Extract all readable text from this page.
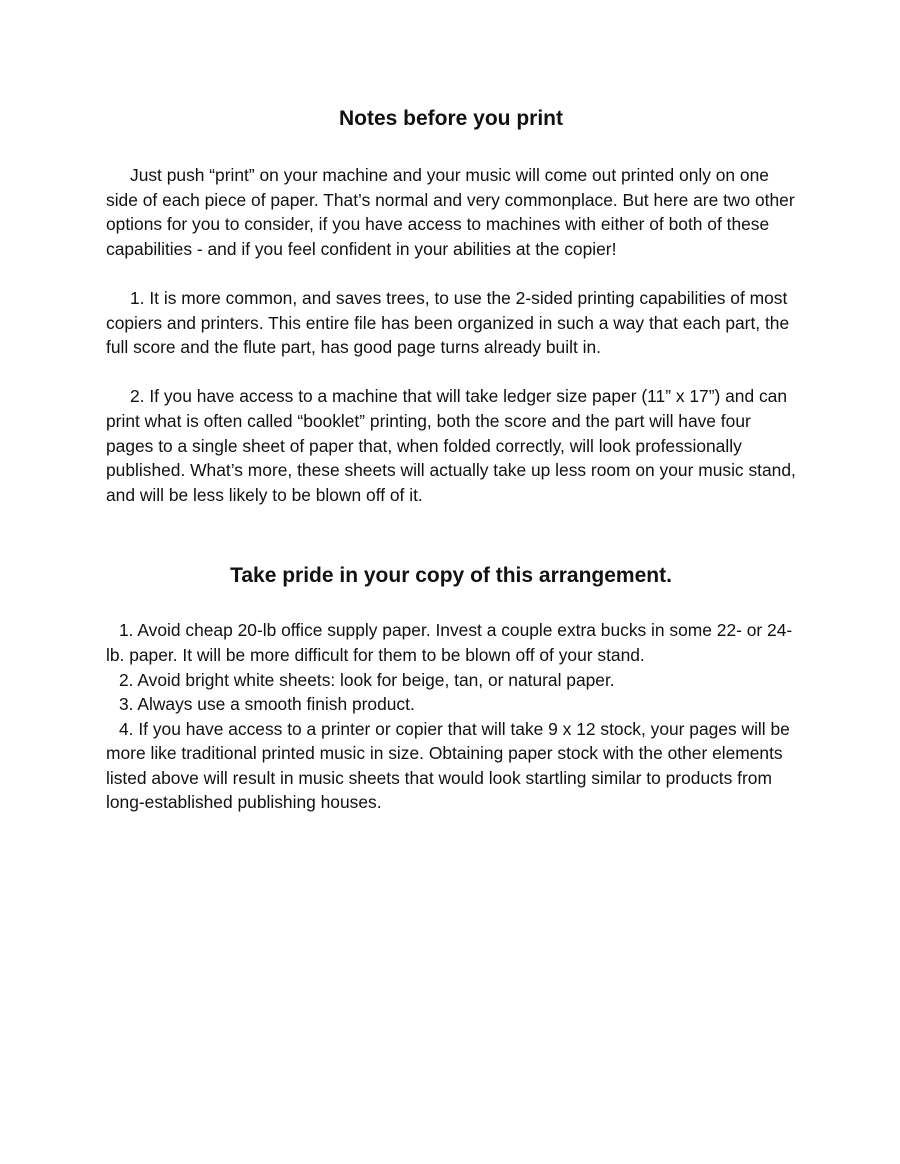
Notes before you print

Just push “print” on your machine and your music will come out printed only on one side of each piece of paper. That’s normal and very commonplace. But here are two other options for you to consider, if you have access to machines with either of both of these capabilities - and if you feel confident in your abilities at the copier!

1. It is more common, and saves trees, to use the 2-sided printing capabilities of most copiers and printers. This entire file has been organized in such a way that each part, the full score and the flute part, has good page turns already built in.

2. If you have access to a machine that will take ledger size paper (11” x 17”) and can print what is often called “booklet” printing, both the score and the part will have four pages to a single sheet of paper that, when folded correctly, will look professionally published. What’s more, these sheets will actually take up less room on your music stand, and will be less likely to be blown off of it.

Take pride in your copy of this arrangement.

1. Avoid cheap 20-lb office supply paper. Invest a couple extra bucks in some 22- or 24-lb. paper. It will be more difficult for them to be blown off of your stand.

2. Avoid bright white sheets: look for beige, tan, or natural paper.

3. Always use a smooth finish product.

4. If you have access to a printer or copier that will take 9 x 12 stock, your pages will be more like traditional printed music in size. Obtaining paper stock with the other elements listed above will result in music sheets that would look startling similar to products from long-established publishing houses.
